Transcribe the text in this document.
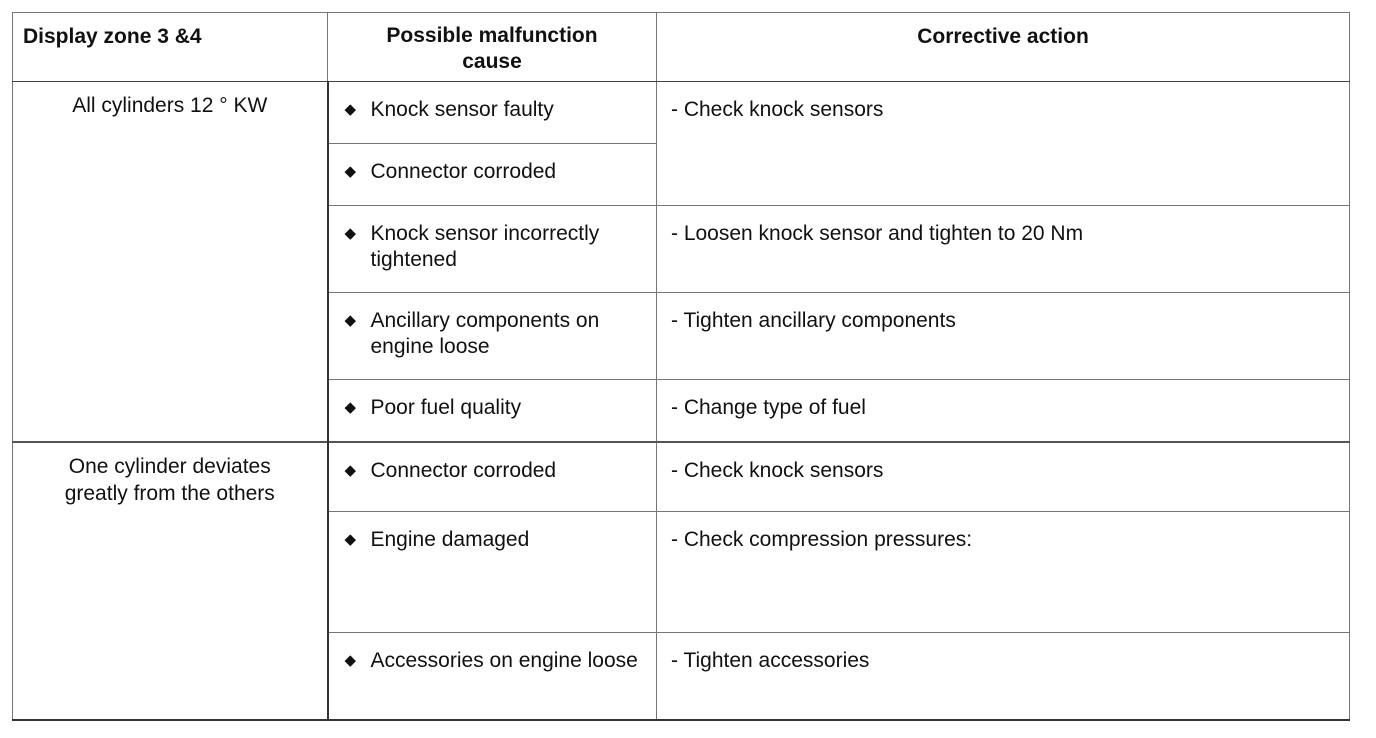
Display zone 3 &4	Possible malfunction cause	Corrective action
All cylinders 12 ° KW	◆ Knock sensor faulty	- Check knock sensors

	◆ Connector corroded	

	◆ Knock sensor incorrectly tightened	- Loosen knock sensor and tighten to 20 Nm

	◆ Ancillary components on engine loose	- Tighten ancillary components

	◆ Poor fuel quality	- Change type of fuel

One cylinder deviates greatly from the others	◆ Connector corroded	- Check knock sensors

	◆ Engine damaged	- Check compression pressures:

	◆ Accessories on engine loose	- Tighten accessories
